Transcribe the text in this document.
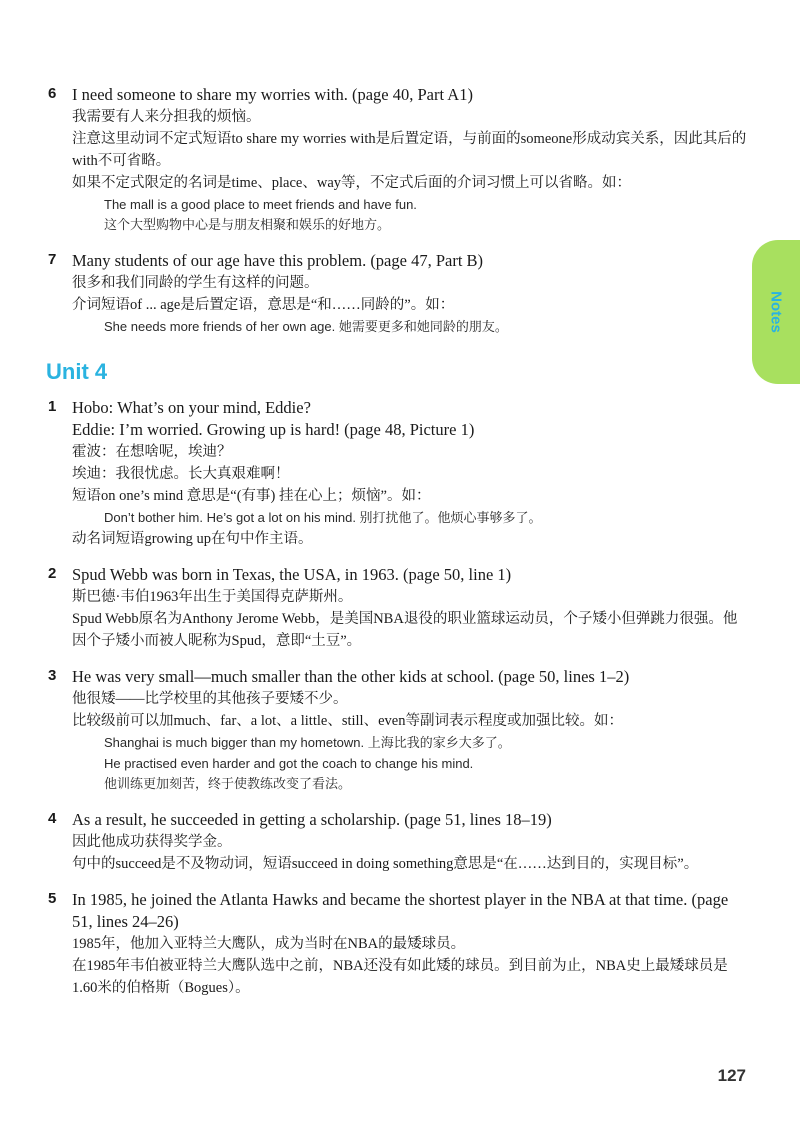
6 I need someone to share my worries with. (page 40, Part A1)
我需要有人来分担我的烦恼。
注意这里动词不定式短语to share my worries with是后置定语，与前面的someone形成动宾关系，因此其后的with不可省略。
如果不定式限定的名词是time、place、way等，不定式后面的介词习惯上可以省略。如：
The mall is a good place to meet friends and have fun.
这个大型购物中心是与朋友相聚和娱乐的好地方。
7 Many students of our age have this problem. (page 47, Part B)
很多和我们同龄的学生有这样的问题。
介词短语of ... age是后置定语，意思是“和……同龄的”。如：
She needs more friends of her own age. 她需要更多和她同龄的朋友。
Unit 4
1 Hobo: What’s on your mind, Eddie?
Eddie: I’m worried. Growing up is hard! (page 48, Picture 1)
霍波：在想啥呢，埃迪？
埃迪：我很忧虑。长大真艰难啊！
短语on one’s mind 意思是“(有事) 挂在心上；烦恼”。如：
Don’t bother him. He’s got a lot on his mind. 别打扰他了。他烦心事够多了。
动名词短语growing up在句中作主语。
2 Spud Webb was born in Texas, the USA, in 1963. (page 50, line 1)
斯巴德·韦伯1963年出生于美国得克萨斯州。
Spud Webb原名为Anthony Jerome Webb，是美国NBA退役的职业篮球运动员，个子矮小但弹跳力很强。他因个子矮小而被人昵称为Spud，意即“土豆”。
3 He was very small—much smaller than the other kids at school. (page 50, lines 1–2)
他很矮——比学校里的其他孩子要矮不少。
比较级前可以加much、far、a lot、a little、still、even等副词表示程度或加强比较。如：
Shanghai is much bigger than my hometown. 上海比我的家乡大多了。
He practised even harder and got the coach to change his mind.
他训练更加刻苦，终于使教练改变了看法。
4 As a result, he succeeded in getting a scholarship. (page 51, lines 18–19)
因此他成功获得奖学金。
句中的succeed是不及物动词，短语succeed in doing something意思是“在……达到目的，实现目标”。
5 In 1985, he joined the Atlanta Hawks and became the shortest player in the NBA at that time. (page 51, lines 24–26)
1985年，他加入亚特兰大鹰队，成为当时在NBA的最矮球员。
在1985年韦伯被亚特兰大鹰队选中之前，NBA还没有如此矮的球员。到目前为止，NBA史上最矮球员是1.60米的伯格斯（Bogues）。
Notes
127
